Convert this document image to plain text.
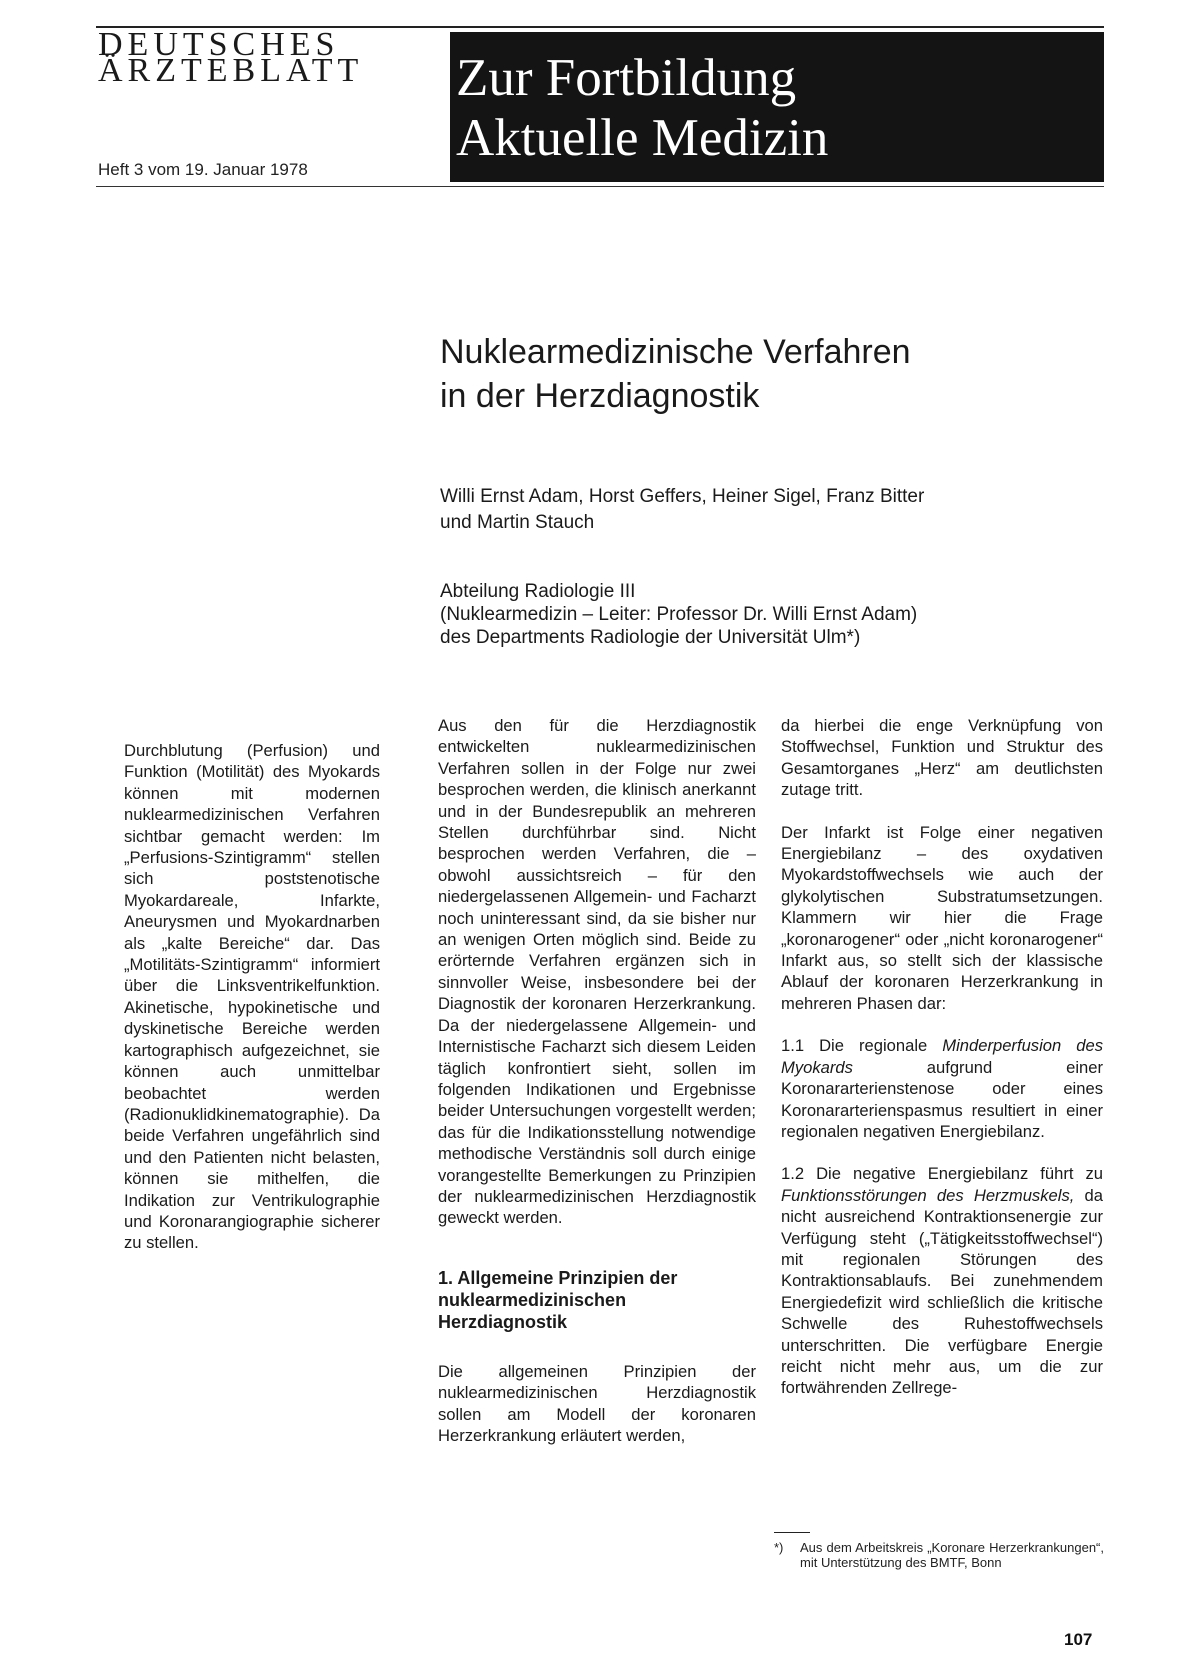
DEUTSCHES
ÄRZTEBLATT
Heft 3 vom 19. Januar 1978
Zur Fortbildung
Aktuelle Medizin
Nuklearmedizinische Verfahren
in der Herzdiagnostik
Willi Ernst Adam, Horst Geffers, Heiner Sigel, Franz Bitter
und Martin Stauch
Abteilung Radiologie III
(Nuklearmedizin – Leiter: Professor Dr. Willi Ernst Adam)
des Departments Radiologie der Universität Ulm*)

Durchblutung (Perfusion) und Funktion (Motilität) des Myokards können mit modernen nuklearmedizinischen Verfahren sichtbar gemacht werden: Im „Perfusions-Szintigramm“ stellen sich poststenotische Myokardareale, Infarkte, Aneurysmen und Myokardnarben als „kalte Bereiche“ dar. Das „Motilitäts-Szintigramm“ informiert über die Linksventrikelfunktion. Akinetische, hypokinetische und dyskinetische Bereiche werden kartographisch aufgezeichnet, sie können auch unmittelbar beobachtet werden (Radionuklidkinematographie). Da beide Verfahren ungefährlich sind und den Patienten nicht belasten, können sie mithelfen, die Indikation zur Ventrikulographie und Koronarangiographie sicherer zu stellen.

Aus den für die Herzdiagnostik entwickelten nuklearmedizinischen Verfahren sollen in der Folge nur zwei besprochen werden, die klinisch anerkannt und in der Bundesrepublik an mehreren Stellen durchführbar sind. Nicht besprochen werden Verfahren, die – obwohl aussichtsreich – für den niedergelassenen Allgemein- und Facharzt noch uninteressant sind, da sie bisher nur an wenigen Orten möglich sind. Beide zu erörternde Verfahren ergänzen sich in sinnvoller Weise, insbesondere bei der Diagnostik der koronaren Herzerkrankung. Da der niedergelassene Allgemein- und Internistische Facharzt sich diesem Leiden täglich konfrontiert sieht, sollen im folgenden Indikationen und Ergebnisse beider Untersuchungen vorgestellt werden; das für die Indikationsstellung notwendige methodische Verständnis soll durch einige vorangestellte Bemerkungen zu Prinzipien der nuklearmedizinischen Herzdiagnostik geweckt werden.

1. Allgemeine Prinzipien der nuklearmedizinischen Herzdiagnostik

Die allgemeinen Prinzipien der nuklearmedizinischen Herzdiagnostik sollen am Modell der koronaren Herzerkrankung erläutert werden,

da hierbei die enge Verknüpfung von Stoffwechsel, Funktion und Struktur des Gesamtorganes „Herz“ am deutlichsten zutage tritt.

Der Infarkt ist Folge einer negativen Energiebilanz – des oxydativen Myokardstoffwechsels wie auch der glykolytischen Substratumsetzungen. Klammern wir hier die Frage „koronarogener“ oder „nicht koronarogener“ Infarkt aus, so stellt sich der klassische Ablauf der koronaren Herzerkrankung in mehreren Phasen dar:

1.1 Die regionale Minderperfusion des Myokards aufgrund einer Koronararterienstenose oder eines Koronararterienspasmus resultiert in einer regionalen negativen Energiebilanz.

1.2 Die negative Energiebilanz führt zu Funktionsstörungen des Herzmuskels, da nicht ausreichend Kontraktionsenergie zur Verfügung steht („Tätigkeitsstoffwechsel“) mit regionalen Störungen des Kontraktionsablaufs. Bei zunehmendem Energiedefizit wird schließlich die kritische Schwelle des Ruhestoffwechsels unterschritten. Die verfügbare Energie reicht nicht mehr aus, um die zur fortwährenden Zellrege-

*)	Aus dem Arbeitskreis „Koronare Herzerkrankungen“, mit Unterstützung des BMTF, Bonn
107
